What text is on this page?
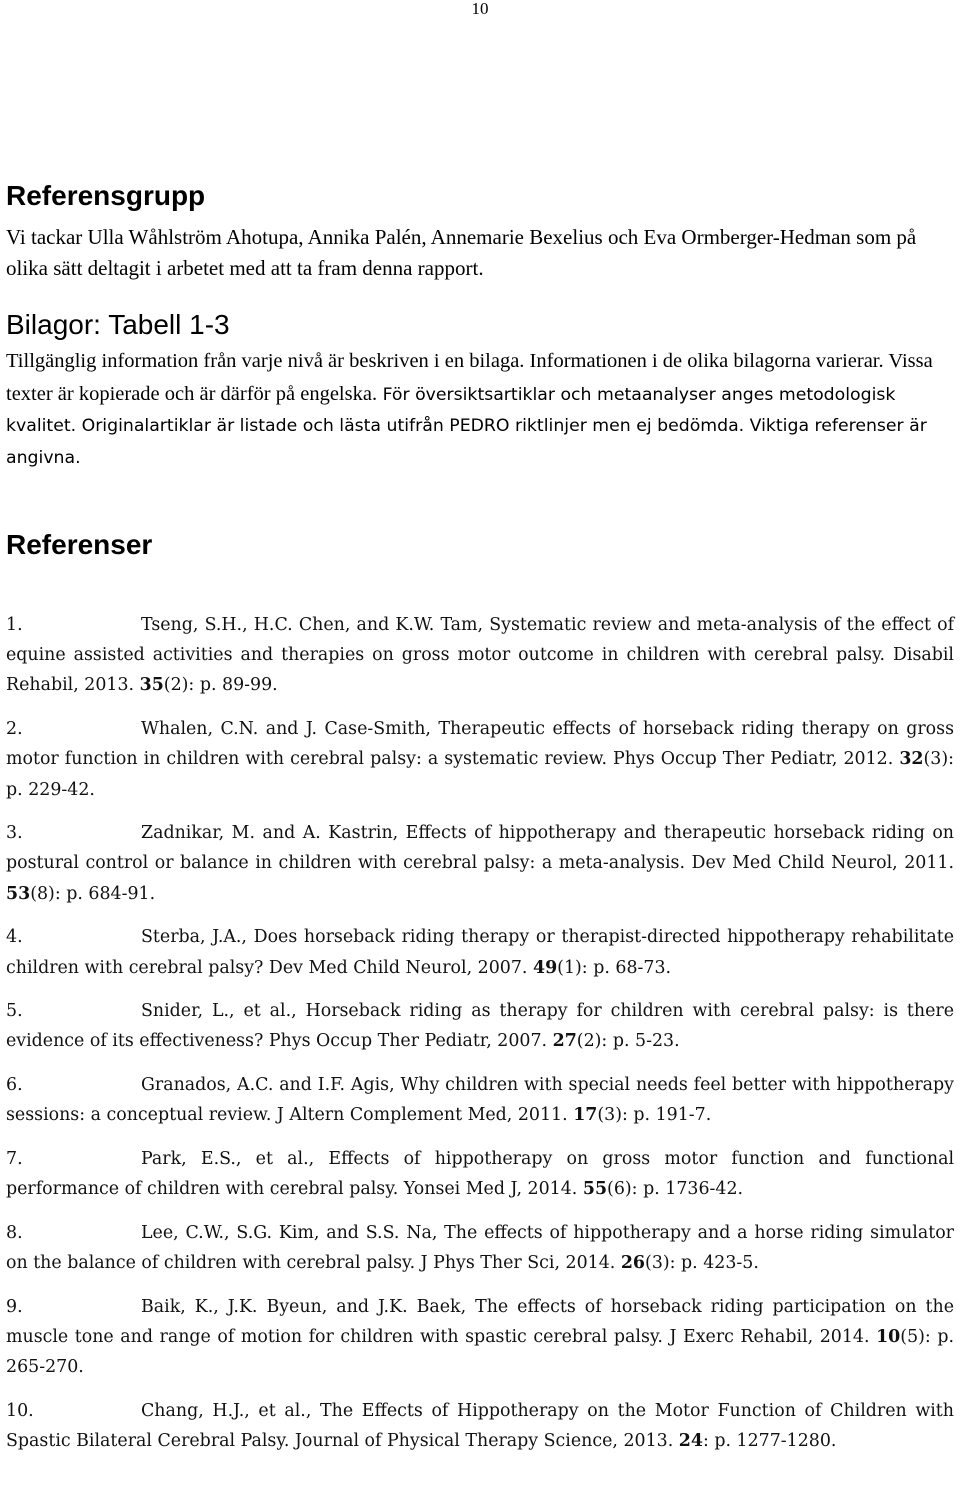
10
Referensgrupp

Vi tackar Ulla Wåhlström Ahotupa, Annika Palén, Annemarie Bexelius och Eva Ormberger-Hedman som på olika sätt deltagit i arbetet med att ta fram denna rapport.

Bilagor: Tabell 1-3

Tillgänglig information från varje nivå är beskriven i en bilaga. Informationen i de olika bilagorna varierar. Vissa texter är kopierade och är därför på engelska. För översiktsartiklar och metaanalyser anges metodologisk kvalitet. Originalartiklar är listade och lästa utifrån PEDRO riktlinjer men ej bedömda. Viktiga referenser är angivna.

Referenser
1.	Tseng, S.H., H.C. Chen, and K.W. Tam, Systematic review and meta-analysis of the effect of equine assisted activities and therapies on gross motor outcome in children with cerebral palsy. Disabil Rehabil, 2013. 35(2): p. 89-99.
2.	Whalen, C.N. and J. Case-Smith, Therapeutic effects of horseback riding therapy on gross motor function in children with cerebral palsy: a systematic review. Phys Occup Ther Pediatr, 2012. 32(3): p. 229-42.
3.	Zadnikar, M. and A. Kastrin, Effects of hippotherapy and therapeutic horseback riding on postural control or balance in children with cerebral palsy: a meta-analysis. Dev Med Child Neurol, 2011. 53(8): p. 684-91.
4.	Sterba, J.A., Does horseback riding therapy or therapist-directed hippotherapy rehabilitate children with cerebral palsy? Dev Med Child Neurol, 2007. 49(1): p. 68-73.
5.	Snider, L., et al., Horseback riding as therapy for children with cerebral palsy: is there evidence of its effectiveness? Phys Occup Ther Pediatr, 2007. 27(2): p. 5-23.
6.	Granados, A.C. and I.F. Agis, Why children with special needs feel better with hippotherapy sessions: a conceptual review. J Altern Complement Med, 2011. 17(3): p. 191-7.
7.	Park, E.S., et al., Effects of hippotherapy on gross motor function and functional performance of children with cerebral palsy. Yonsei Med J, 2014. 55(6): p. 1736-42.
8.	Lee, C.W., S.G. Kim, and S.S. Na, The effects of hippotherapy and a horse riding simulator on the balance of children with cerebral palsy. J Phys Ther Sci, 2014. 26(3): p. 423-5.
9.	Baik, K., J.K. Byeun, and J.K. Baek, The effects of horseback riding participation on the muscle tone and range of motion for children with spastic cerebral palsy. J Exerc Rehabil, 2014. 10(5): p. 265-270.
10.	Chang, H.J., et al., The Effects of Hippotherapy on the Motor Function of Children with Spastic Bilateral Cerebral Palsy. Journal of Physical Therapy Science, 2013. 24: p. 1277-1280.
